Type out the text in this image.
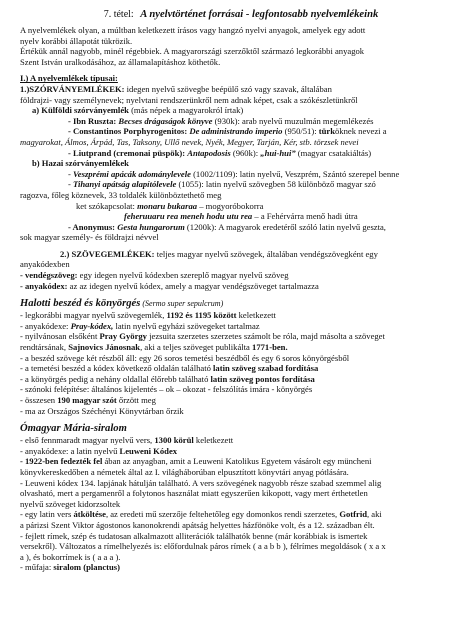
7. tétel: A nyelvtörténet forrásai - legfontosabb nyelvemlékeink

A nyelvemlékek olyan, a múltban keletkezett írásos vagy hangzó nyelvi anyagok, amelyek egy adott

nyelv korábbi állapotát tükrözik.

Értékük annál nagyobb, minél régebbiek. A magyarországi szerzőktől származó legkorábbi anyagok

Szent István uralkodásához, az államalapításhoz köthetők.

I.) A nyelvemlékek típusai:

1.)SZÓRVÁNYEMLÉKEK: idegen nyelvű szövegbe beépülő szó vagy szavak, általában

földrajzi- vagy személynevek; nyelvtani rendszerünkről nem adnak képet, csak a szókészletünkről

a) Külföldi szórványemlék (más népek a magyarokról írtak)

- Ibn Ruszta: Becses drágaságok könyve (930k): arab nyelvű muzulmán megemlékezés

- Constantinos Porphyrogenitos: De administrando imperio (950/51): türköknek nevezi a

magyarokat, Álmos, Árpád, Tas, Taksony, Ullő nevek, Nyék, Megyer, Tarján, Kér, stb. törzsek nevei

- Liutprand (cremonai püspök): Antapodosis (960k): „hui-hui” (magyar csatakiáltás)

b) Hazai szórványemlékek

- Veszprémi apácák adománylevele (1002/1109): latin nyelvű, Veszprém, Szántó szerepel benne

- Tihanyi apátság alapítólevele (1055): latin nyelvű szövegben 58 különböző magyar szó

ragozva, főleg köznevek, 33 toldalék különböztethető meg

ket szókapcsolat: monaru bukaraa – mogyoróbokorra

feheruuaru rea meneh hodu utu rea – a Fehérvárra menő hadi útra

- Anonymus: Gesta hungarorum (1200k): A magyarok eredetéről szóló latin nyelvű geszta,

sok magyar személy- és földrajzi névvel

2.) SZÖVEGEMLÉKEK: teljes magyar nyelvű szövegek, általában vendégszövegként egy

anyakódexben

- vendégszöveg: egy idegen nyelvű kódexben szereplő magyar nyelvű szöveg

- anyakódex: az az idegen nyelvű kódex, amely a magyar vendégszöveget tartalmazza

Halotti beszéd és könyörgés (Sermo super sepulcrum)

- legkorábbi magyar nyelvű szövegemlék, 1192 és 1195 között keletkezett

- anyakódexe: Pray-kódex, latin nyelvű egyházi szövegeket tartalmaz

- nyilvánosan elsőként Pray György jezsuita szerzetes szerzetes számolt be róla, majd másolta a szöveget

rendtársának, Sajnovics Jánosnak, aki a teljes szöveget publikálta 1771-ben.

- a beszéd szövege két részből áll: egy 26 soros temetési beszédből és egy 6 soros könyörgésből

- a temetési beszéd a kódex következő oldalán található latin szöveg szabad fordítása

- a könyörgés pedig a nehány oldallal élőrebb található latin szöveg pontos fordítása

- szónoki felépítése: általános kijelentés – ok – okozat - felszólítás imára - könyörgés

- összesen 190 magyar szót őrzött meg

- ma az Országos Széchényi Könyvtárban őrzik

Ómagyar Mária-siralom

- első fennmaradt magyar nyelvű vers, 1300 körül keletkezett

- anyakódexe: a latin nyelvű Leuweni Kódex

- 1922-ben fedezték fel ában az anyagban, amit a Leuweni Katolikus Egyetem vásárolt egy müncheni

könyvkereskedőben a németek által az I. világháborúban elpusztított könyvtári anyag pótlására.

- Leuweni kódex 134. lapjának hátulján található. A vers szövegének nagyobb része szabad szemmel alig

olvasható, mert a pergamenről a folytonos használat miatt egyszerűen kikopott, vagy mert érthetetlen

nyelvű szöveget kidorzsoltek

- egy latin vers átköltése, az eredeti mű szerzője feltehetőleg egy domonkos rendi szerzetes, Gotfrid, aki

a párizsi Szent Viktor ágostonos kanonokrendi apátság helyettes házfönöke volt, és a 12. században élt.

- fejlett rímek, szép és tudatosan alkalmazott alliterációk találhatók benne (már korábbiak is ismertek

versekről). Változatos a rímelhelyezés is: előfordulnak páros rímek ( a a b b ), félrímes megoldások ( x a x

a ), és bokorrímek is ( a a a ).

- műfaja: siralom (planctus)
